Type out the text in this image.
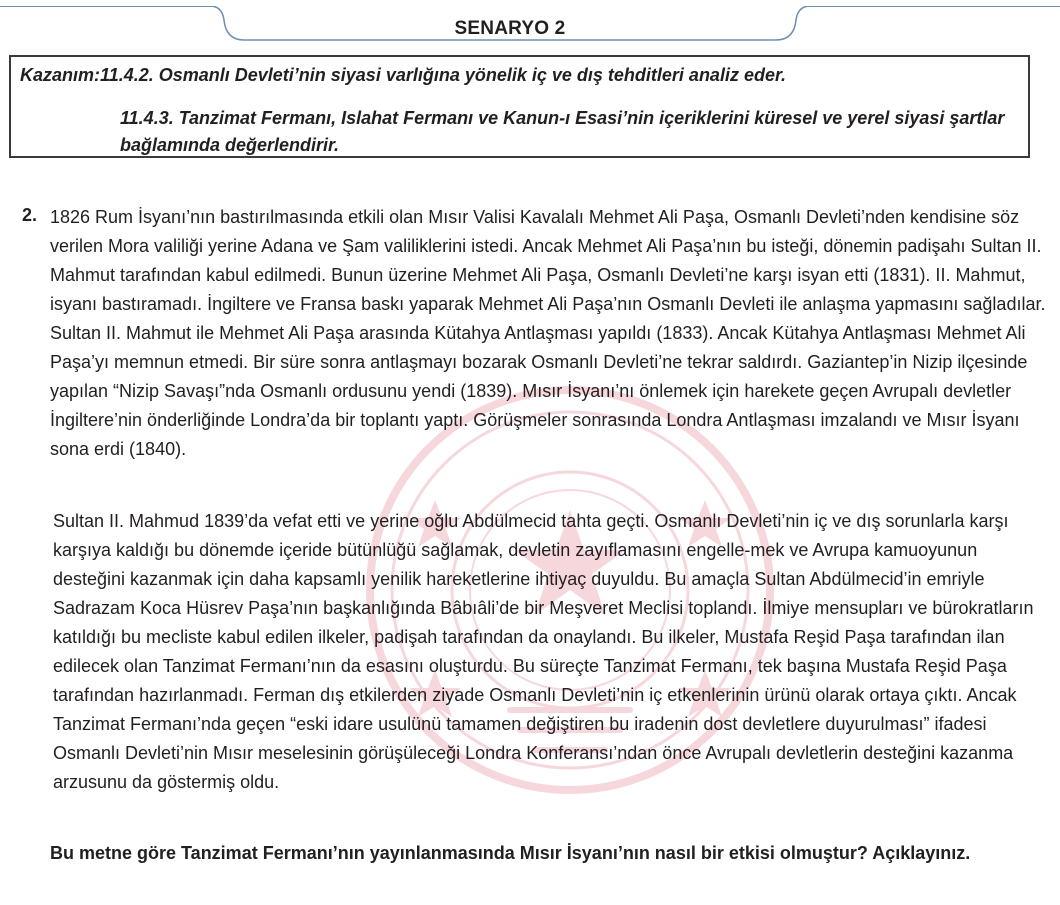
SENARYO 2
Kazanım:11.4.2. Osmanlı Devleti’nin siyasi varlığına yönelik iç ve dış tehditleri analiz eder.
11.4.3. Tanzimat Fermanı, Islahat Fermanı ve Kanun-ı Esasi’nin içeriklerini küresel ve yerel siyasi şartlar bağlamında değerlendirir.
2. 1826 Rum İsyanı’nın bastırılmasında etkili olan Mısır Valisi Kavalalı Mehmet Ali Paşa, Osmanlı Devleti’nden kendisine söz verilen Mora valiliği yerine Adana ve Şam valiliklerini istedi. Ancak Mehmet Ali Paşa’nın bu isteği, dönemin padişahı Sultan II. Mahmut tarafından kabul edilmedi. Bunun üzerine Mehmet Ali Paşa, Osmanlı Devleti’ne karşı isyan etti (1831). II. Mahmut, isyanı bastıramadı. İngiltere ve Fransa baskı yaparak Mehmet Ali Paşa’nın Osmanlı Devleti ile anlaşma yapmasını sağladılar. Sultan II. Mahmut ile Mehmet Ali Paşa arasında Kütahya Antlaşması yapıldı (1833). Ancak Kütahya Antlaşması Mehmet Ali Paşa’yı memnun etmedi. Bir süre sonra antlaşmayı bozarak Osmanlı Devleti’ne tekrar saldırdı. Gaziantep’in Nizip ilçesinde yapılan “Nizip Savaşı”nda Osmanlı ordusunu yendi (1839). Mısır İsyanı’nı önlemek için harekete geçen Avrupalı devletler İngiltere’nin önderliğinde Londra’da bir toplantı yaptı. Görüşmeler sonrasında Londra Antlaşması imzalandı ve Mısır İsyanı sona erdi (1840).
Sultan II. Mahmud 1839’da vefat etti ve yerine oğlu Abdülmecid tahta geçti. Osmanlı Devleti’nin iç ve dış sorunlarla karşı karşıya kaldığı bu dönemde içeride bütünlüğü sağlamak, devletin zayıflamasını engelle-mek ve Avrupa kamuoyunun desteğini kazanmak için daha kapsamlı yenilik hareketlerine ihtiyaç duyuldu. Bu amaçla Sultan Abdülmecid’in emriyle Sadrazam Koca Hüsrev Paşa’nın başkanlığında Bâbıâli’de bir Meşveret Meclisi toplandı. İlmiye mensupları ve bürokratların katıldığı bu mecliste kabul edilen ilkeler, padişah tarafından da onaylandı. Bu ilkeler, Mustafa Reşid Paşa tarafından ilan edilecek olan Tanzimat Fermanı’nın da esasını oluşturdu. Bu süreçte Tanzimat Fermanı, tek başına Mustafa Reşid Paşa tarafından hazırlanmadı. Ferman dış etkilerden ziyade Osmanlı Devleti’nin iç etkenlerinin ürünü olarak ortaya çıktı. Ancak Tanzimat Fermanı’nda geçen “eski idare usulünü tamamen değiştiren bu iradenin dost devletlere duyurulması” ifadesi Osmanlı Devleti’nin Mısır meselesinin görüşüleceği Londra Konferansı’ndan önce Avrupalı devletlerin desteğini kazanma arzusunu da göstermiş oldu.
Bu metne göre Tanzimat Fermanı’nın yayınlanmasında Mısır İsyanı’nın nasıl bir etkisi olmuştur? Açıklayınız.
